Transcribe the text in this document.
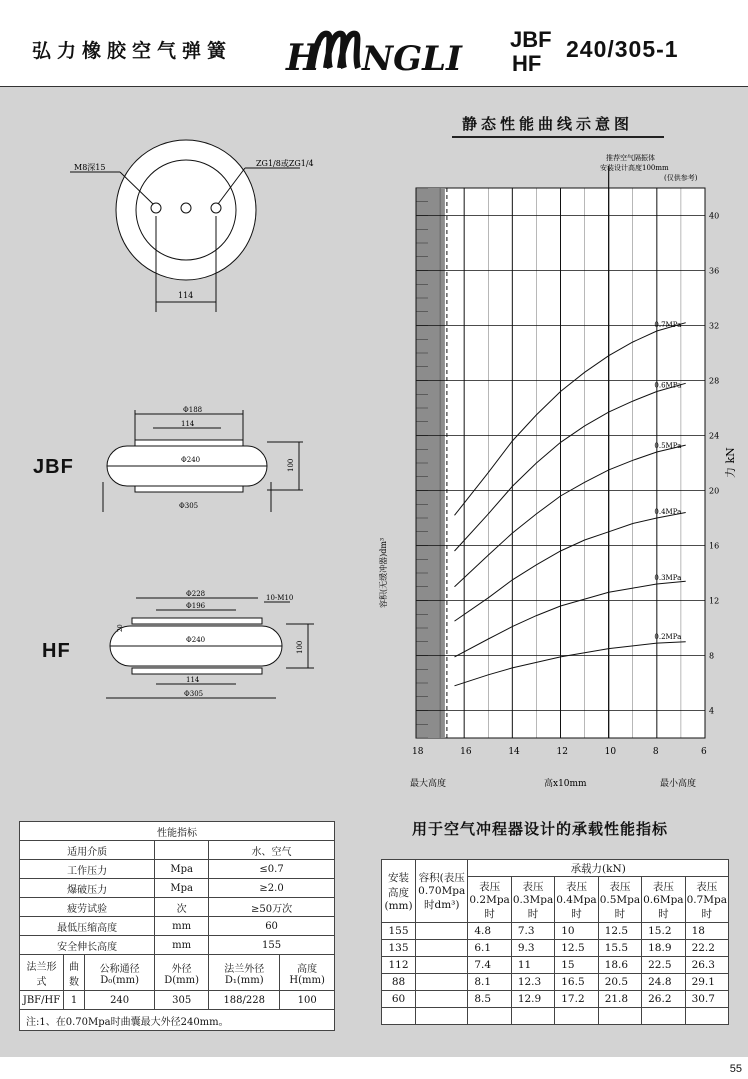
弘力橡胶空气弹簧 H NGLI JBF
HF
240/305-1
M8深15	ZG1/8或ZG1/4
114
JBF
Φ188
114
Φ240
Φ305
100
HF
Φ228
Φ196
10-M10
Φ240
114
Φ305
100
20
静态性能曲线示意图
推荐空气隔振体
安装设计高度100mm
(仅供参考)
容积(无缓冲器)dm³
力 kN
最大高度	高x10mm	最小高度
18	16	14	12	10	8	6
4
8
12
16
20
24
28
32
36
40
0.2MPa
0.3MPa
0.4MPa
0.5MPa
0.6MPa
0.7MPa
性能指标					
适用介质				水、空气	
工作压力			Mpa	≤0.7	
爆破压力			Mpa	≥2.0	
疲劳试验			次	≥50万次	
最低压缩高度			mm	60	
安全伸长高度			mm	155	
法兰形式	曲数	公称通径 D₀(mm)	外径 D(mm)	法兰外径 D₁(mm)	高度 H(mm)
JBF/HF	1	240	305	188/228	100
注:1、在0.70Mpa时曲囊最大外径240mm。					
用于空气冲程器设计的承载性能指标
安装高度(mm)	容积(表压0.70Mpa时dm³)	承载力(kN)					
		表压0.2Mpa时	表压0.3Mpa时	表压0.4Mpa时	表压0.5Mpa时	表压0.6Mpa时	表压0.7Mpa时
155		4.8	7.3	10	12.5	15.2	18
135		6.1	9.3	12.5	15.5	18.9	22.2
112		7.4	11	15	18.6	22.5	26.3
88		8.1	12.3	16.5	20.5	24.8	29.1
60		8.5	12.9	17.2	21.8	26.2	30.7

55
